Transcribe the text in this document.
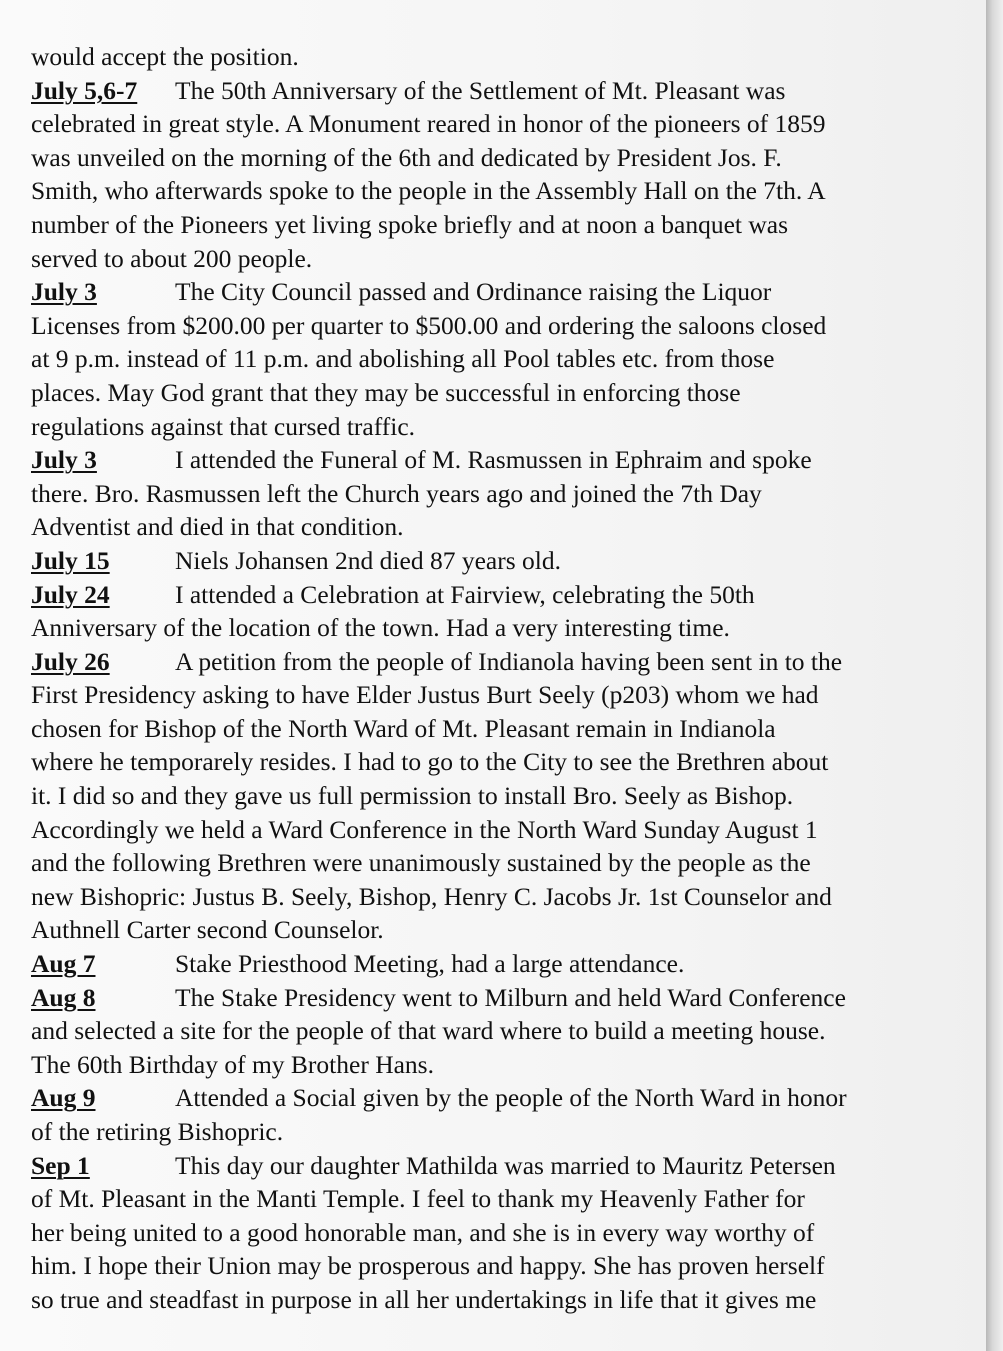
would accept the position.
July 5,6-7 The 50th Anniversary of the Settlement of Mt. Pleasant was
celebrated in great style. A Monument reared in honor of the pioneers of 1859
was unveiled on the morning of the 6th and dedicated by President Jos. F.
Smith, who afterwards spoke to the people in the Assembly Hall on the 7th. A
number of the Pioneers yet living spoke briefly and at noon a banquet was
served to about 200 people.
July 3	The City Council passed and Ordinance raising the Liquor
Licenses from $200.00 per quarter to $500.00 and ordering the saloons closed
at 9 p.m. instead of 11 p.m. and abolishing all Pool tables etc. from those
places. May God grant that they may be successful in enforcing those
regulations against that cursed traffic.
July 3	I attended the Funeral of M. Rasmussen in Ephraim and spoke
there. Bro. Rasmussen left the Church years ago and joined the 7th Day
Adventist and died in that condition.
July 15	Niels Johansen 2nd died 87 years old.
July 24	I attended a Celebration at Fairview, celebrating the 50th
Anniversary of the location of the town. Had a very interesting time.
July 26	A petition from the people of Indianola having been sent in to the
First Presidency asking to have Elder Justus Burt Seely (p203) whom we had
chosen for Bishop of the North Ward of Mt. Pleasant remain in Indianola
where he temporarely resides. I had to go to the City to see the Brethren about
it. I did so and they gave us full permission to install Bro. Seely as Bishop.
Accordingly we held a Ward Conference in the North Ward Sunday August 1
and the following Brethren were unanimously sustained by the people as the
new Bishopric: Justus B. Seely, Bishop, Henry C. Jacobs Jr. 1st Counselor and
Authnell Carter second Counselor.
Aug 7	Stake Priesthood Meeting, had a large attendance.
Aug 8	The Stake Presidency went to Milburn and held Ward Conference
and selected a site for the people of that ward where to build a meeting house.
The 60th Birthday of my Brother Hans.
Aug 9	Attended a Social given by the people of the North Ward in honor
of the retiring Bishopric.
Sep 1	This day our daughter Mathilda was married to Mauritz Petersen
of Mt. Pleasant in the Manti Temple. I feel to thank my Heavenly Father for
her being united to a good honorable man, and she is in every way worthy of
him. I hope their Union may be prosperous and happy. She has proven herself
so true and steadfast in purpose in all her undertakings in life that it gives me
